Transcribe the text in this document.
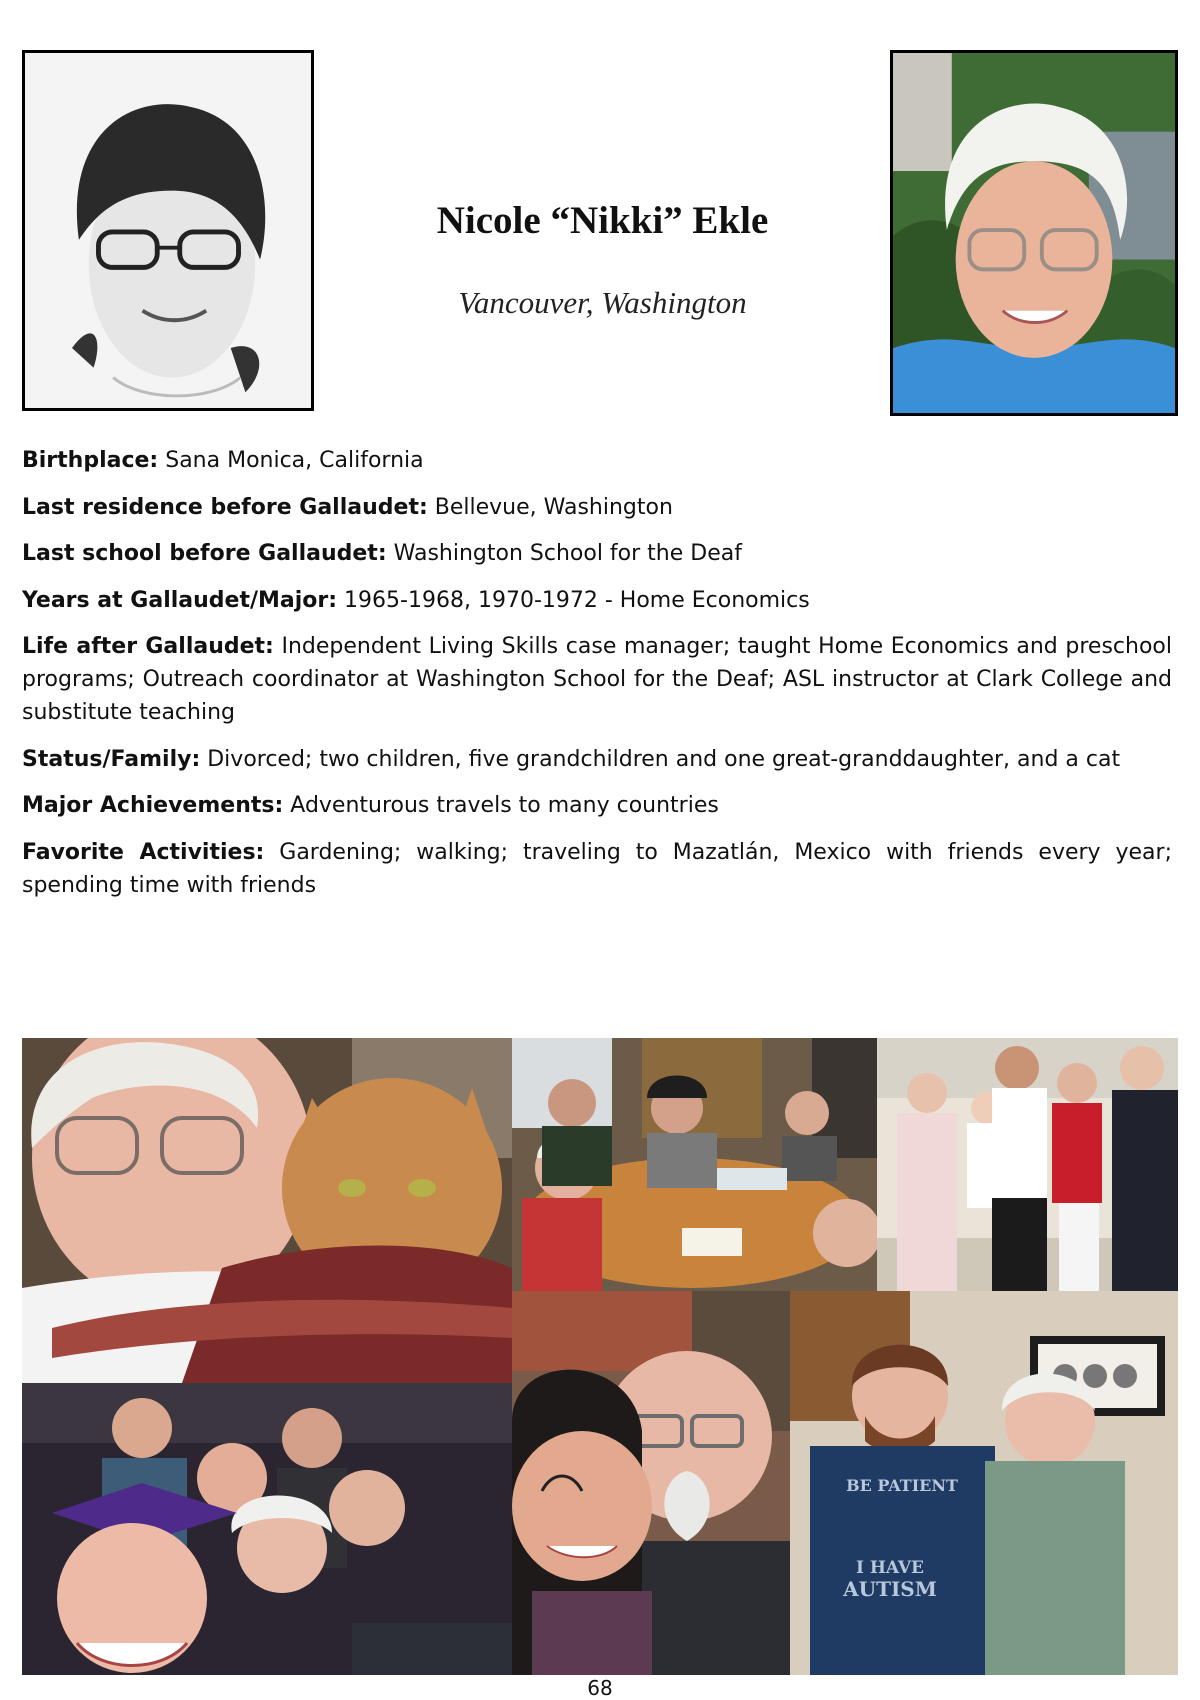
Nicole “Nikki” Ekle
Vancouver, Washington

Birthplace: Sana Monica, California

Last residence before Gallaudet: Bellevue, Washington

Last school before Gallaudet: Washington School for the Deaf

Years at Gallaudet/Major: 1965-1968, 1970-1972 - Home Economics

Life after Gallaudet: Independent Living Skills case manager; taught Home Economics and preschool programs; Outreach coordinator at Washington School for the Deaf; ASL instructor at Clark College and substitute teaching

Status/Family: Divorced; two children, five grandchildren and one great-granddaughter, and a cat

Major Achievements: Adventurous travels to many countries

Favorite Activities: Gardening; walking; traveling to Mazatlán, Mexico with friends every year; spending time with friends

BE PATIENT
I HAVE
AUTISM
68
